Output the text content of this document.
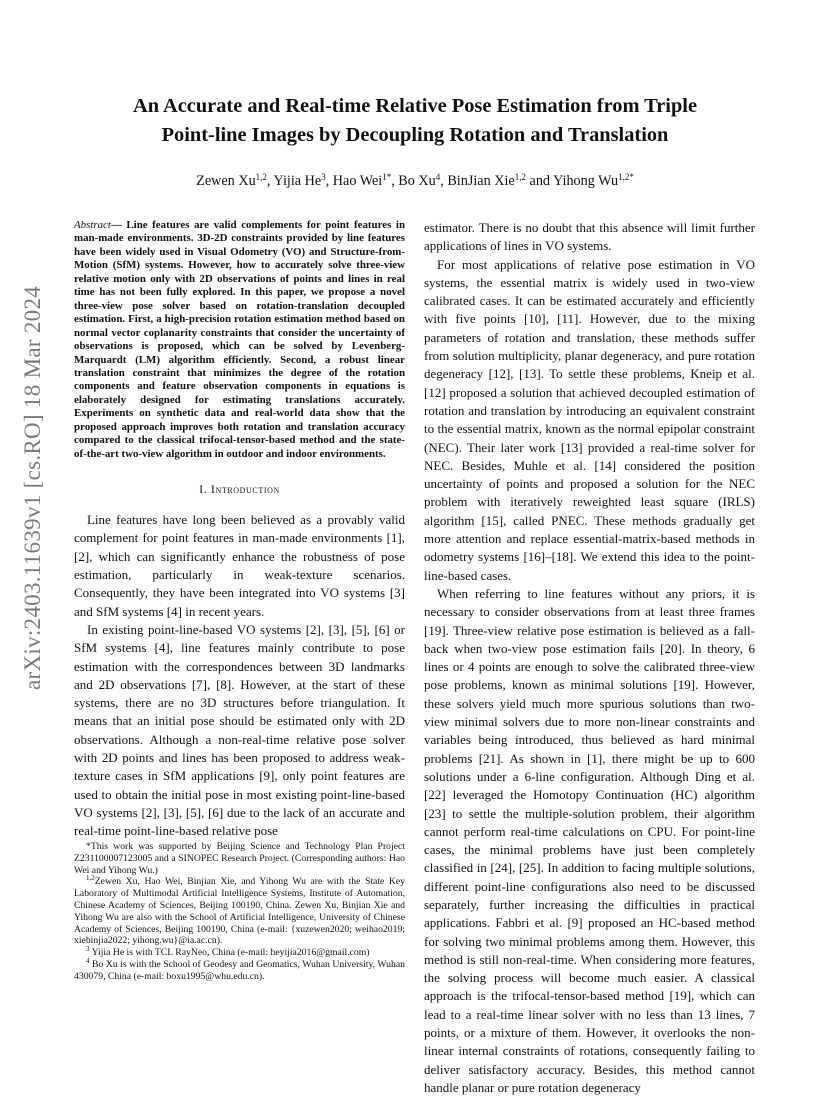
arXiv:2403.11639v1 [cs.RO] 18 Mar 2024
An Accurate and Real-time Relative Pose Estimation from Triple
Point-line Images by Decoupling Rotation and Translation
Zewen Xu$^{1,2}$, Yijia He$^3$, Hao Wei$^{1*}$, Bo Xu$^4$, BinJian Xie$^{1,2}$ and Yihong $Wu^{1,2*}$

Abstract— Line features are valid complements for point features in man-made environments. 3D-2D constraints provided by line features have been widely used in Visual Odometry (VO) and Structure-from-Motion (SfM) systems. However, how to accurately solve three-view relative motion only with 2D observations of points and lines in real time has not been fully explored. In this paper, we propose a novel three-view pose solver based on rotation-translation decoupled estimation. First, a high-precision rotation estimation method based on normal vector coplanarity constraints that consider the uncertainty of observations is proposed, which can be solved by Levenberg-Marquardt (LM) algorithm efficiently. Second, a robust linear translation constraint that minimizes the degree of the rotation components and feature observation components in equations is elaborately designed for estimating translations accurately. Experiments on synthetic data and real-world data show that the proposed approach improves both rotation and translation accuracy compared to the classical trifocal-tensor-based method and the state-of-the-art two-view algorithm in outdoor and indoor environments.

I. Introduction

Line features have long been believed as a provably valid complement for point features in man-made environments [1], [2], which can significantly enhance the robustness of pose estimation, particularly in weak-texture scenarios. Consequently, they have been integrated into VO systems [3] and SfM systems [4] in recent years.

In existing point-line-based VO systems [2], [3], [5], [6] or SfM systems [4], line features mainly contribute to pose estimation with the correspondences between 3D landmarks and 2D observations [7], [8]. However, at the start of these systems, there are no 3D structures before triangulation. It means that an initial pose should be estimated only with 2D observations. Although a non-real-time relative pose solver with 2D points and lines has been proposed to address weak-texture cases in SfM applications [9], only point features are used to obtain the initial pose in most existing point-line-based VO systems [2], [3], [5], [6] due to the lack of an accurate and real-time point-line-based relative pose

estimator. There is no doubt that this absence will limit further applications of lines in VO systems.

For most applications of relative pose estimation in VO systems, the essential matrix is widely used in two-view calibrated cases. It can be estimated accurately and efficiently with five points [10], [11]. However, due to the mixing parameters of rotation and translation, these methods suffer from solution multiplicity, planar degeneracy, and pure rotation degeneracy [12], [13]. To settle these problems, Kneip et al. [12] proposed a solution that achieved decoupled estimation of rotation and translation by introducing an equivalent constraint to the essential matrix, known as the normal epipolar constraint (NEC). Their later work [13] provided a real-time solver for NEC. Besides, Muhle et al. [14] considered the position uncertainty of points and proposed a solution for the NEC problem with iteratively reweighted least square (IRLS) algorithm [15], called PNEC. These methods gradually get more attention and replace essential-matrix-based methods in odometry systems [16]–[18]. We extend this idea to the point-line-based cases.

When referring to line features without any priors, it is necessary to consider observations from at least three frames [19]. Three-view relative pose estimation is believed as a fall-back when two-view pose estimation fails [20]. In theory, 6 lines or 4 points are enough to solve the calibrated three-view pose problems, known as minimal solutions [19]. However, these solvers yield much more spurious solutions than two-view minimal solvers due to more non-linear constraints and variables being introduced, thus believed as hard minimal problems [21]. As shown in [1], there might be up to 600 solutions under a 6-line configuration. Although Ding et al. [22] leveraged the Homotopy Continuation (HC) algorithm [23] to settle the multiple-solution problem, their algorithm cannot perform real-time calculations on CPU. For point-line cases, the minimal problems have just been completely classified in [24], [25]. In addition to facing multiple solutions, different point-line configurations also need to be discussed separately, further increasing the difficulties in practical applications. Fabbri et al. [9] proposed an HC-based method for solving two minimal problems among them. However, this method is still non-real-time. When considering more features, the solving process will become much easier. A classical approach is the trifocal-tensor-based method [19], which can lead to a real-time linear solver with no less than 13 lines, 7 points, or a mixture of them. However, it overlooks the non-linear internal constraints of rotations, consequently failing to deliver satisfactory accuracy. Besides, this method cannot handle planar or pure rotation degeneracy

*This work was supported by Beijing Science and Technology Plan Project Z231100007123005 and a SINOPEC Research Project. (Corresponding authors: Hao Wei and Yihong Wu.)

$^{1,2}$Zewen Xu, Hao Wei, Binjian Xie, and Yihong Wu are with the State Key Laboratory of Multimodal Artificial Intelligence Systems, Institute of Automation, Chinese Academy of Sciences, Beijing 100190, China. Zewen Xu, Binjian Xie and Yihong Wu are also with the School of Artificial Intelligence, University of Chinese Academy of Sciences, Beijing 100190, China (e-mail: {xuzewen2020; weihao2019; xiebinjia2022; yihong.wu}@ia.ac.cn).

$^3$ Yijia He is with TCL RayNeo, China (e-mail: heyijia2016@gmail.com)

$^4$ Bo Xu is with the School of Geodesy and Geomatics, Wuhan University, Wuhan 430079, China (e-mail: boxu1995@whu.edu.cn).
